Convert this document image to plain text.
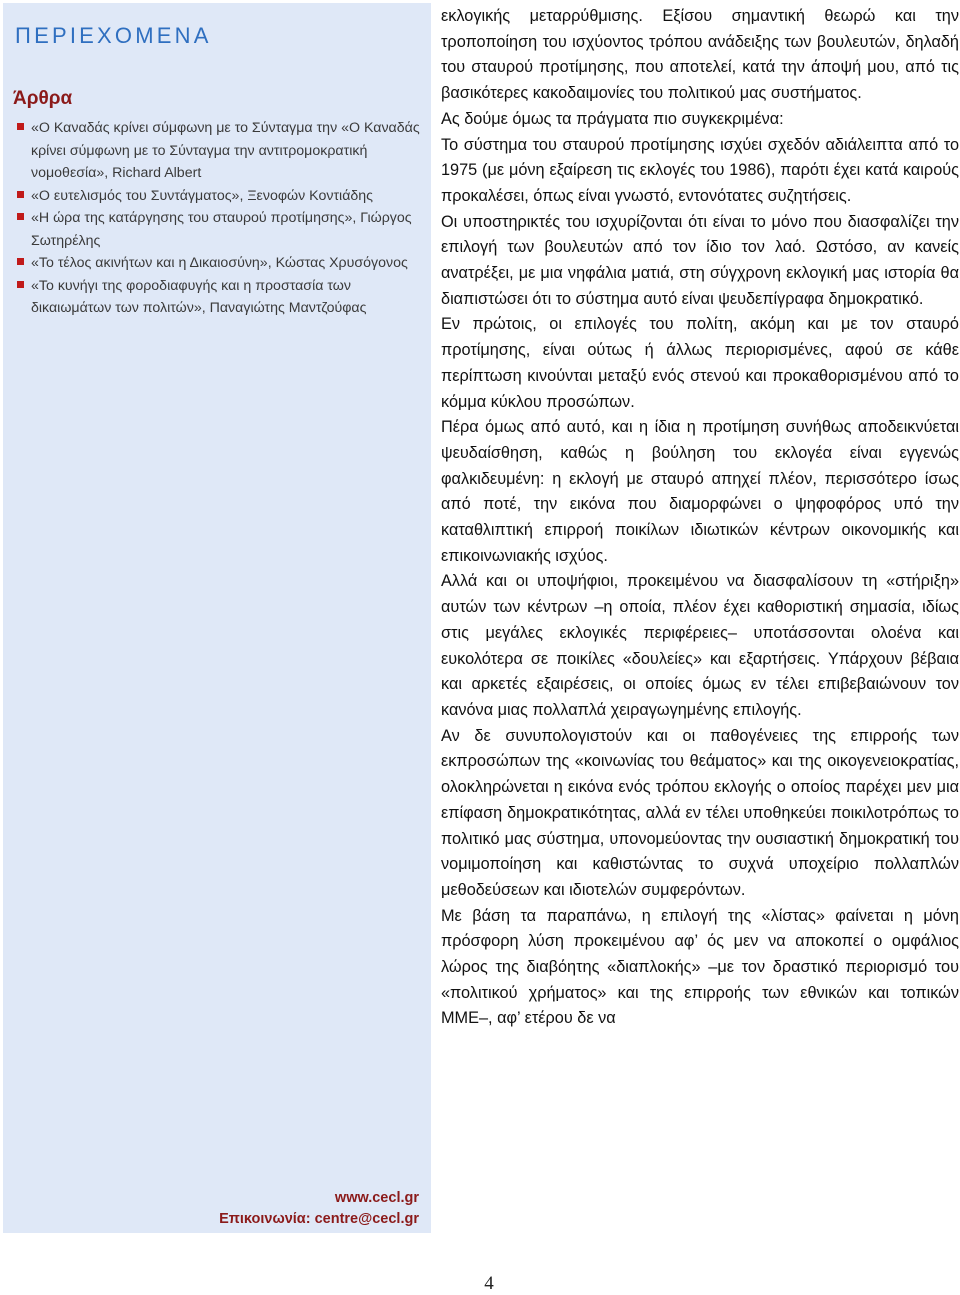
ΠΕΡΙΕΧΟΜΕΝΑ
Άρθρα
«Ο Καναδάς κρίνει σύμφωνη με το Σύνταγμα την «Ο Καναδάς κρίνει σύμφωνη με το Σύνταγμα την αντιτρομοκρατική νομοθεσία», Richard Albert
«Ο ευτελισμός του Συντάγματος», Ξενοφών Κοντιάδης
«Η ώρα της κατάργησης του σταυρού προτίμησης», Γιώργος Σωτηρέλης
«Το τέλος ακινήτων και η Δικαιοσύνη», Κώστας Χρυσόγονος
«Το κυνήγι της φοροδιαφυγής και η προστασία των δικαιωμάτων των πολιτών», Παναγιώτης Μαντζούφας
www.cecl.gr
Επικοινωνία: centre@cecl.gr

εκλογικής μεταρρύθμισης. Εξίσου σημαντική θεωρώ και την τροποποίηση του ισχύοντος τρόπου ανάδειξης των βουλευτών, δηλαδή του σταυρού προτίμησης, που αποτελεί, κατά την άποψή μου, από τις βασικότερες κακοδαιμονίες του πολιτικού μας συστήματος.

Ας δούμε όμως τα πράγματα πιο συγκεκριμένα:

Το σύστημα του σταυρού προτίμησης ισχύει σχεδόν αδιάλειπτα από το 1975 (με μόνη εξαίρεση τις εκλογές του 1986), παρότι έχει κατά καιρούς προκαλέσει, όπως είναι γνωστό, εντονότατες συζητήσεις.

Οι υποστηρικτές του ισχυρίζονται ότι είναι το μόνο που διασφαλίζει την επιλογή των βουλευτών από τον ίδιο τον λαό. Ωστόσο, αν κανείς ανατρέξει, με μια νηφάλια ματιά, στη σύγχρονη εκλογική μας ιστορία θα διαπιστώσει ότι το σύστημα αυτό είναι ψευδεπίγραφα δημοκρατικό.

Εν πρώτοις, οι επιλογές του πολίτη, ακόμη και με τον σταυρό προτίμησης, είναι ούτως ή άλλως περιορισμένες, αφού σε κάθε περίπτωση κινούνται μεταξύ ενός στενού και προκαθορισμένου από το κόμμα κύκλου προσώπων.

Πέρα όμως από αυτό, και η ίδια η προτίμηση συνήθως αποδεικνύεται ψευδαίσθηση, καθώς η βούληση του εκλογέα είναι εγγενώς φαλκιδευμένη: η εκλογή με σταυρό απηχεί πλέον, περισσότερο ίσως από ποτέ, την εικόνα που διαμορφώνει ο ψηφοφόρος υπό την καταθλιπτική επιρροή ποικίλων ιδιωτικών κέντρων οικονομικής και επικοινωνιακής ισχύος.

Αλλά και οι υποψήφιοι, προκειμένου να διασφαλίσουν τη «στήριξη» αυτών των κέντρων –η οποία, πλέον έχει καθοριστική σημασία, ιδίως στις μεγάλες εκλογικές περιφέρειες– υποτάσσονται ολοένα και ευκολότερα σε ποικίλες «δουλείες» και εξαρτήσεις. Υπάρχουν βέβαια και αρκετές εξαιρέσεις, οι οποίες όμως εν τέλει επιβεβαιώνουν τον κανόνα μιας πολλαπλά χειραγωγημένης επιλογής.

Αν δε συνυπολογιστούν και οι παθογένειες της επιρροής των εκπροσώπων της «κοινωνίας του θεάματος» και της οικογενειοκρατίας, ολοκληρώνεται η εικόνα ενός τρόπου εκλογής ο οποίος παρέχει μεν μια επίφαση δημοκρατικότητας, αλλά εν τέλει υποθηκεύει ποικιλοτρόπως το πολιτικό μας σύστημα, υπονομεύοντας την ουσιαστική δημοκρατική του νομιμοποίηση και καθιστώντας το συχνά υποχείριο πολλαπλών μεθοδεύσεων και ιδιοτελών συμφερόντων.

Με βάση τα παραπάνω, η επιλογή της «λίστας» φαίνεται η μόνη πρόσφορη λύση προκειμένου αφ’ ός μεν να αποκοπεί ο ομφάλιος λώρος της διαβόητης «διαπλοκής» –με τον δραστικό περιορισμό του «πολιτικού χρήματος» και της επιρροής των εθνικών και τοπικών ΜΜΕ–, αφ’ ετέρου δε να

4
